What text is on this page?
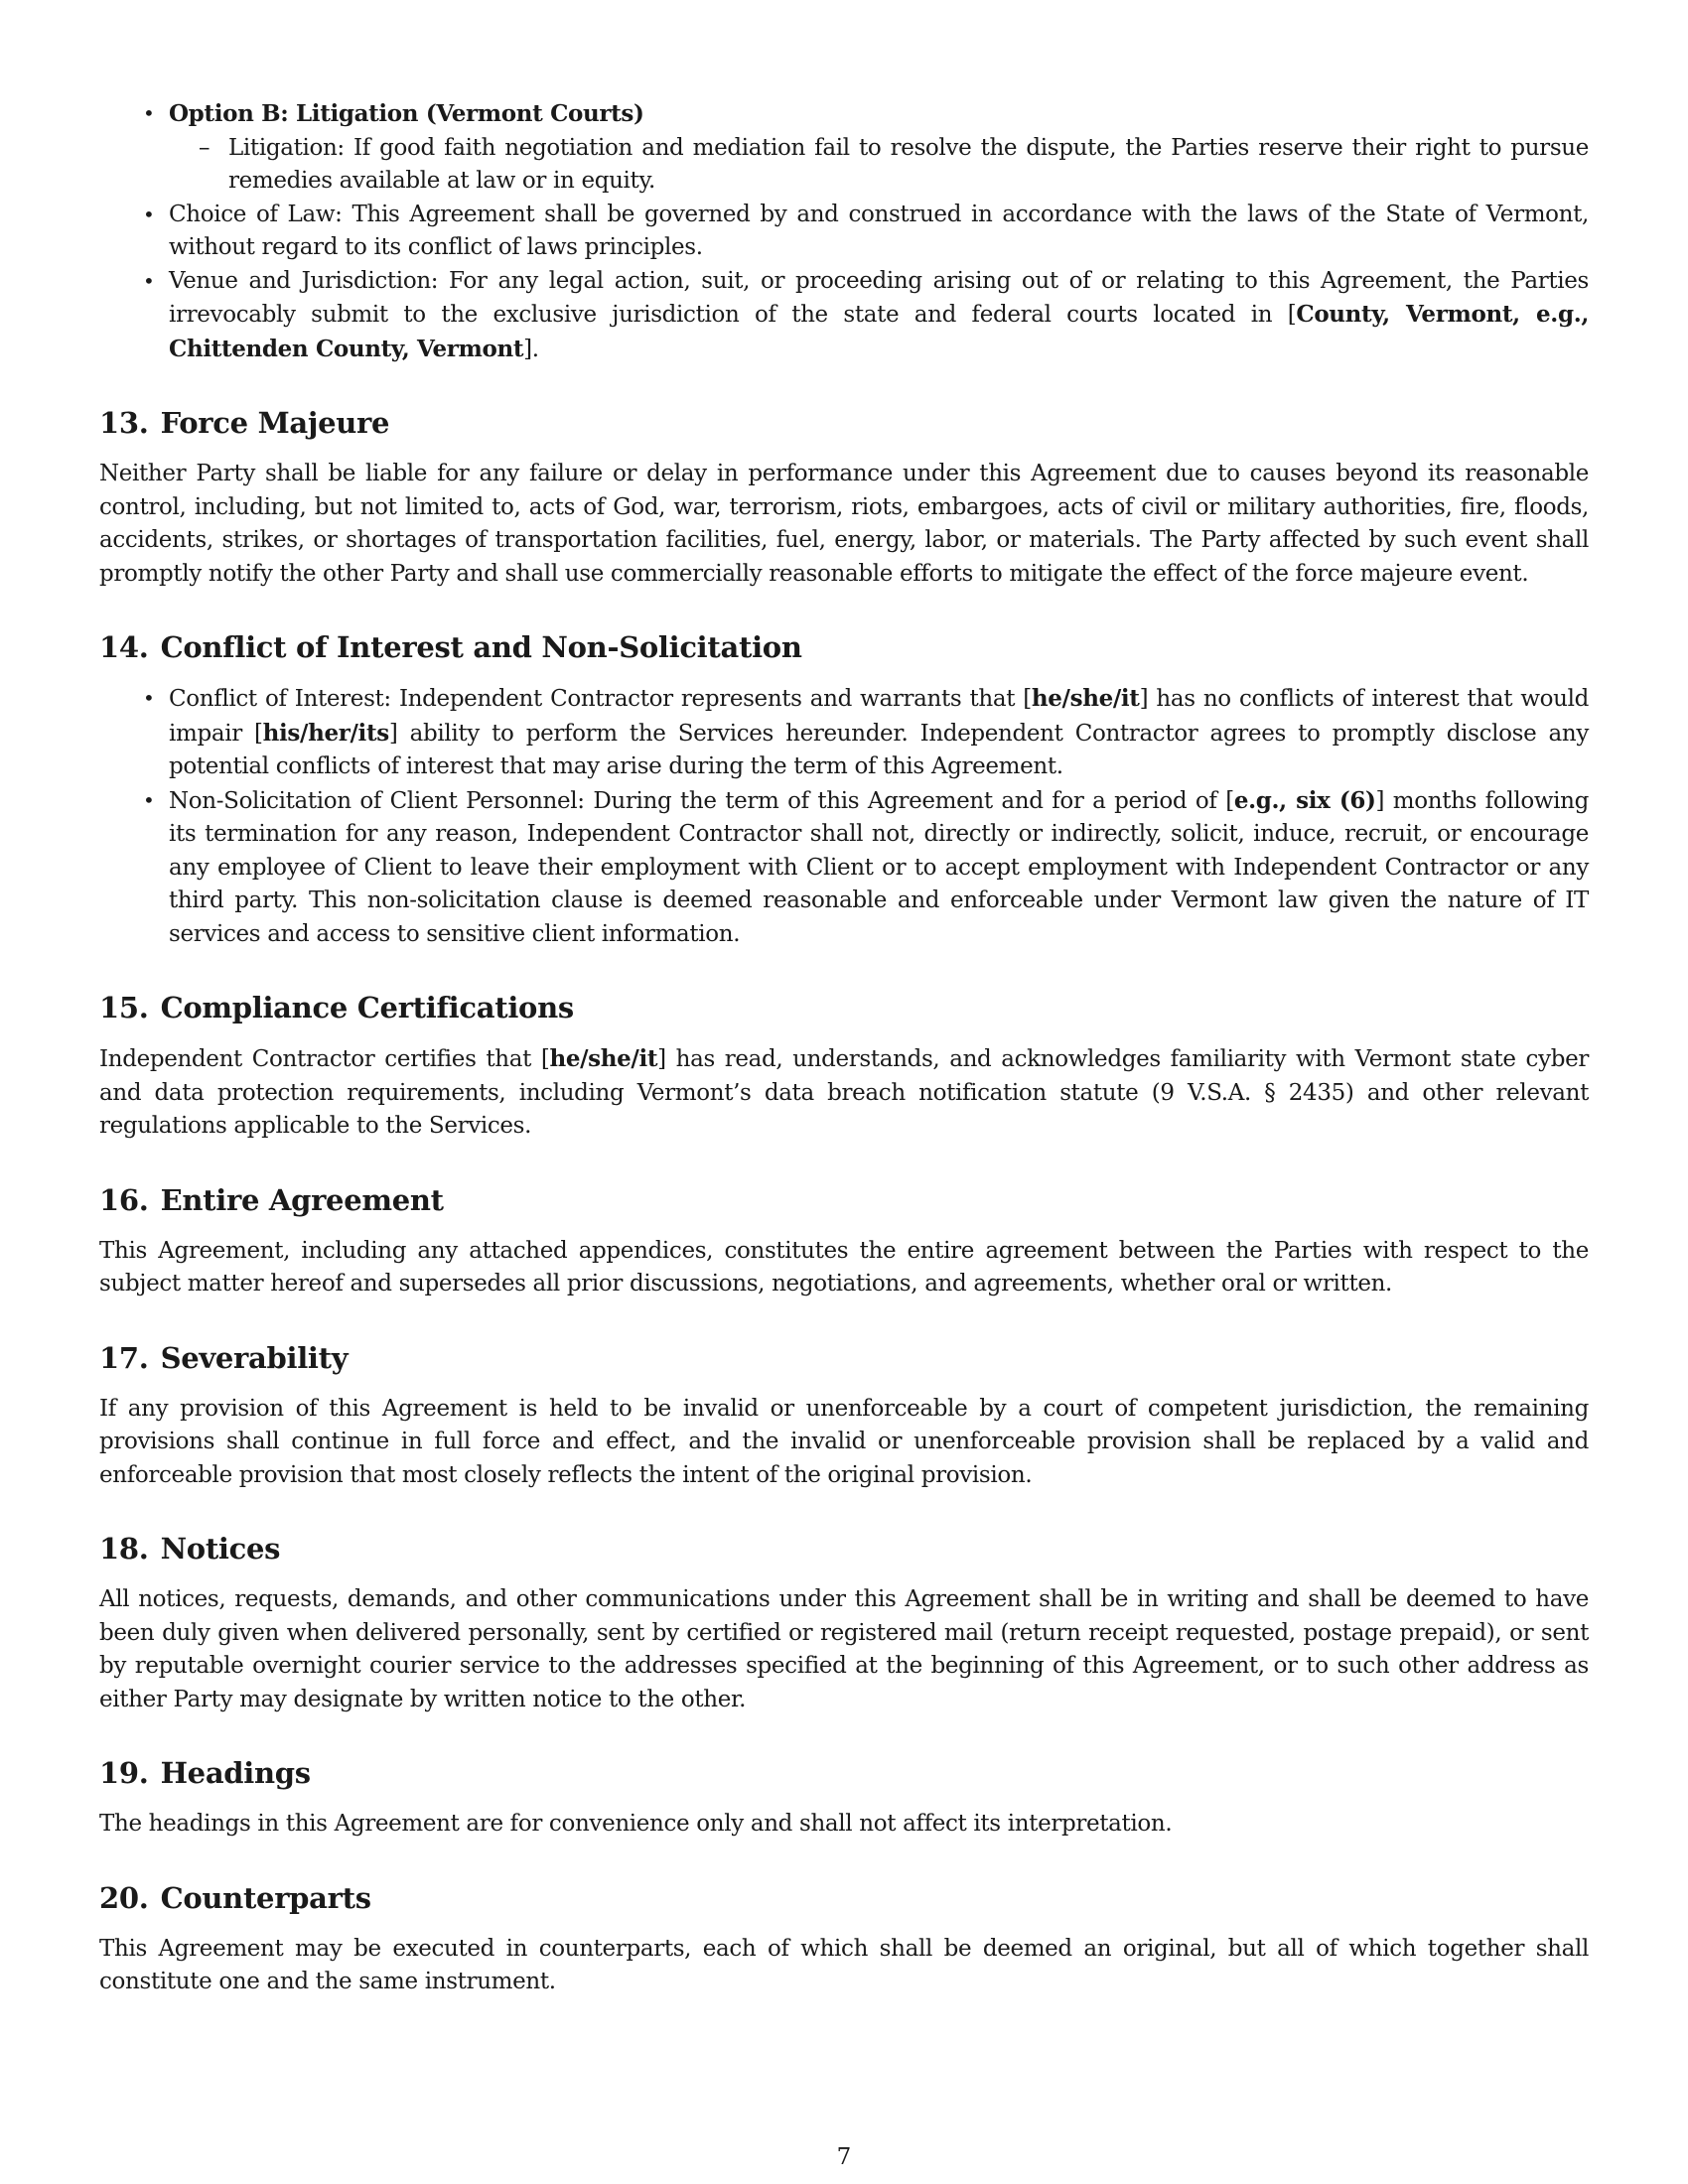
• Option B: Litigation (Vermont Courts)
– Litigation: If good faith negotiation and mediation fail to resolve the dispute, the Parties reserve their right to pursue remedies available at law or in equity.
• Choice of Law: This Agreement shall be governed by and construed in accordance with the laws of the State of Vermont, without regard to its conflict of laws principles.
• Venue and Jurisdiction: For any legal action, suit, or proceeding arising out of or relating to this Agreement, the Parties irrevocably submit to the exclusive jurisdiction of the state and federal courts located in [County, Vermont, e.g., Chittenden County, Vermont].
13. Force Majeure

Neither Party shall be liable for any failure or delay in performance under this Agreement due to causes beyond its reasonable control, including, but not limited to, acts of God, war, terrorism, riots, embargoes, acts of civil or military authorities, fire, floods, accidents, strikes, or shortages of transportation facilities, fuel, energy, labor, or materials. The Party affected by such event shall promptly notify the other Party and shall use commercially reasonable efforts to mitigate the effect of the force majeure event.

14. Conflict of Interest and Non-Solicitation
• Conflict of Interest: Independent Contractor represents and warrants that [he/she/it] has no conflicts of interest that would impair [his/her/its] ability to perform the Services hereunder. Independent Contractor agrees to promptly disclose any potential conflicts of interest that may arise during the term of this Agreement.
• Non-Solicitation of Client Personnel: During the term of this Agreement and for a period of [e.g., six (6)] months following its termination for any reason, Independent Contractor shall not, directly or indirectly, solicit, induce, recruit, or encourage any employee of Client to leave their employment with Client or to accept employment with Independent Contractor or any third party. This non-solicitation clause is deemed reasonable and enforceable under Vermont law given the nature of IT services and access to sensitive client information.
15. Compliance Certifications

Independent Contractor certifies that [he/she/it] has read, understands, and acknowledges familiarity with Vermont state cyber and data protection requirements, including Vermont’s data breach notification statute (9 V.S.A. § 2435) and other relevant regulations applicable to the Services.

16. Entire Agreement

This Agreement, including any attached appendices, constitutes the entire agreement between the Parties with respect to the subject matter hereof and supersedes all prior discussions, negotiations, and agreements, whether oral or written.

17. Severability

If any provision of this Agreement is held to be invalid or unenforceable by a court of competent jurisdiction, the remaining provisions shall continue in full force and effect, and the invalid or unenforceable provision shall be replaced by a valid and enforceable provision that most closely reflects the intent of the original provision.

18. Notices

All notices, requests, demands, and other communications under this Agreement shall be in writing and shall be deemed to have been duly given when delivered personally, sent by certified or registered mail (return receipt requested, postage prepaid), or sent by reputable overnight courier service to the addresses specified at the beginning of this Agreement, or to such other address as either Party may designate by written notice to the other.

19. Headings

The headings in this Agreement are for convenience only and shall not affect its interpretation.

20. Counterparts

This Agreement may be executed in counterparts, each of which shall be deemed an original, but all of which together shall constitute one and the same instrument.

7
